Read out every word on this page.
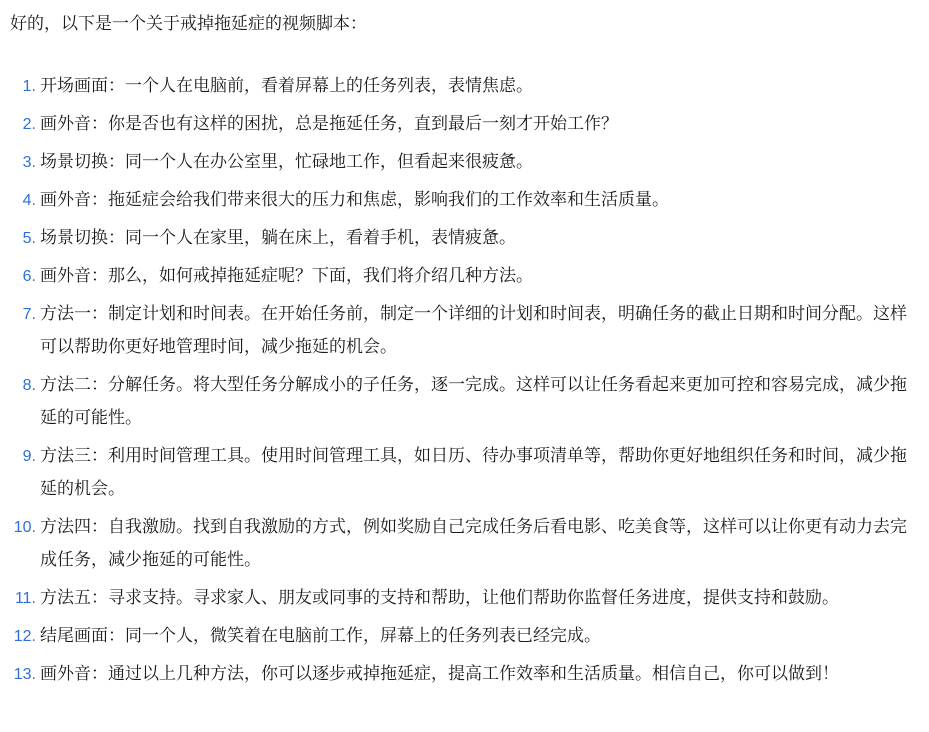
好的，以下是一个关于戒掉拖延症的视频脚本：

1. 开场画面：一个人在电脑前，看着屏幕上的任务列表，表情焦虑。
2. 画外音：你是否也有这样的困扰，总是拖延任务，直到最后一刻才开始工作？
3. 场景切换：同一个人在办公室里，忙碌地工作，但看起来很疲惫。
4. 画外音：拖延症会给我们带来很大的压力和焦虑，影响我们的工作效率和生活质量。
5. 场景切换：同一个人在家里，躺在床上，看着手机，表情疲惫。
6. 画外音：那么，如何戒掉拖延症呢？下面，我们将介绍几种方法。
7. 方法一：制定计划和时间表。在开始任务前，制定一个详细的计划和时间表，明确任务的截止日期和时间分配。这样可以帮助你更好地管理时间，减少拖延的机会。
8. 方法二：分解任务。将大型任务分解成小的子任务，逐一完成。这样可以让任务看起来更加可控和容易完成，减少拖延的可能性。
9. 方法三：利用时间管理工具。使用时间管理工具，如日历、待办事项清单等，帮助你更好地组织任务和时间，减少拖延的机会。
10. 方法四：自我激励。找到自我激励的方式，例如奖励自己完成任务后看电影、吃美食等，这样可以让你更有动力去完成任务，减少拖延的可能性。
11. 方法五：寻求支持。寻求家人、朋友或同事的支持和帮助，让他们帮助你监督任务进度，提供支持和鼓励。
12. 结尾画面：同一个人，微笑着在电脑前工作，屏幕上的任务列表已经完成。
13. 画外音：通过以上几种方法，你可以逐步戒掉拖延症，提高工作效率和生活质量。相信自己，你可以做到！
